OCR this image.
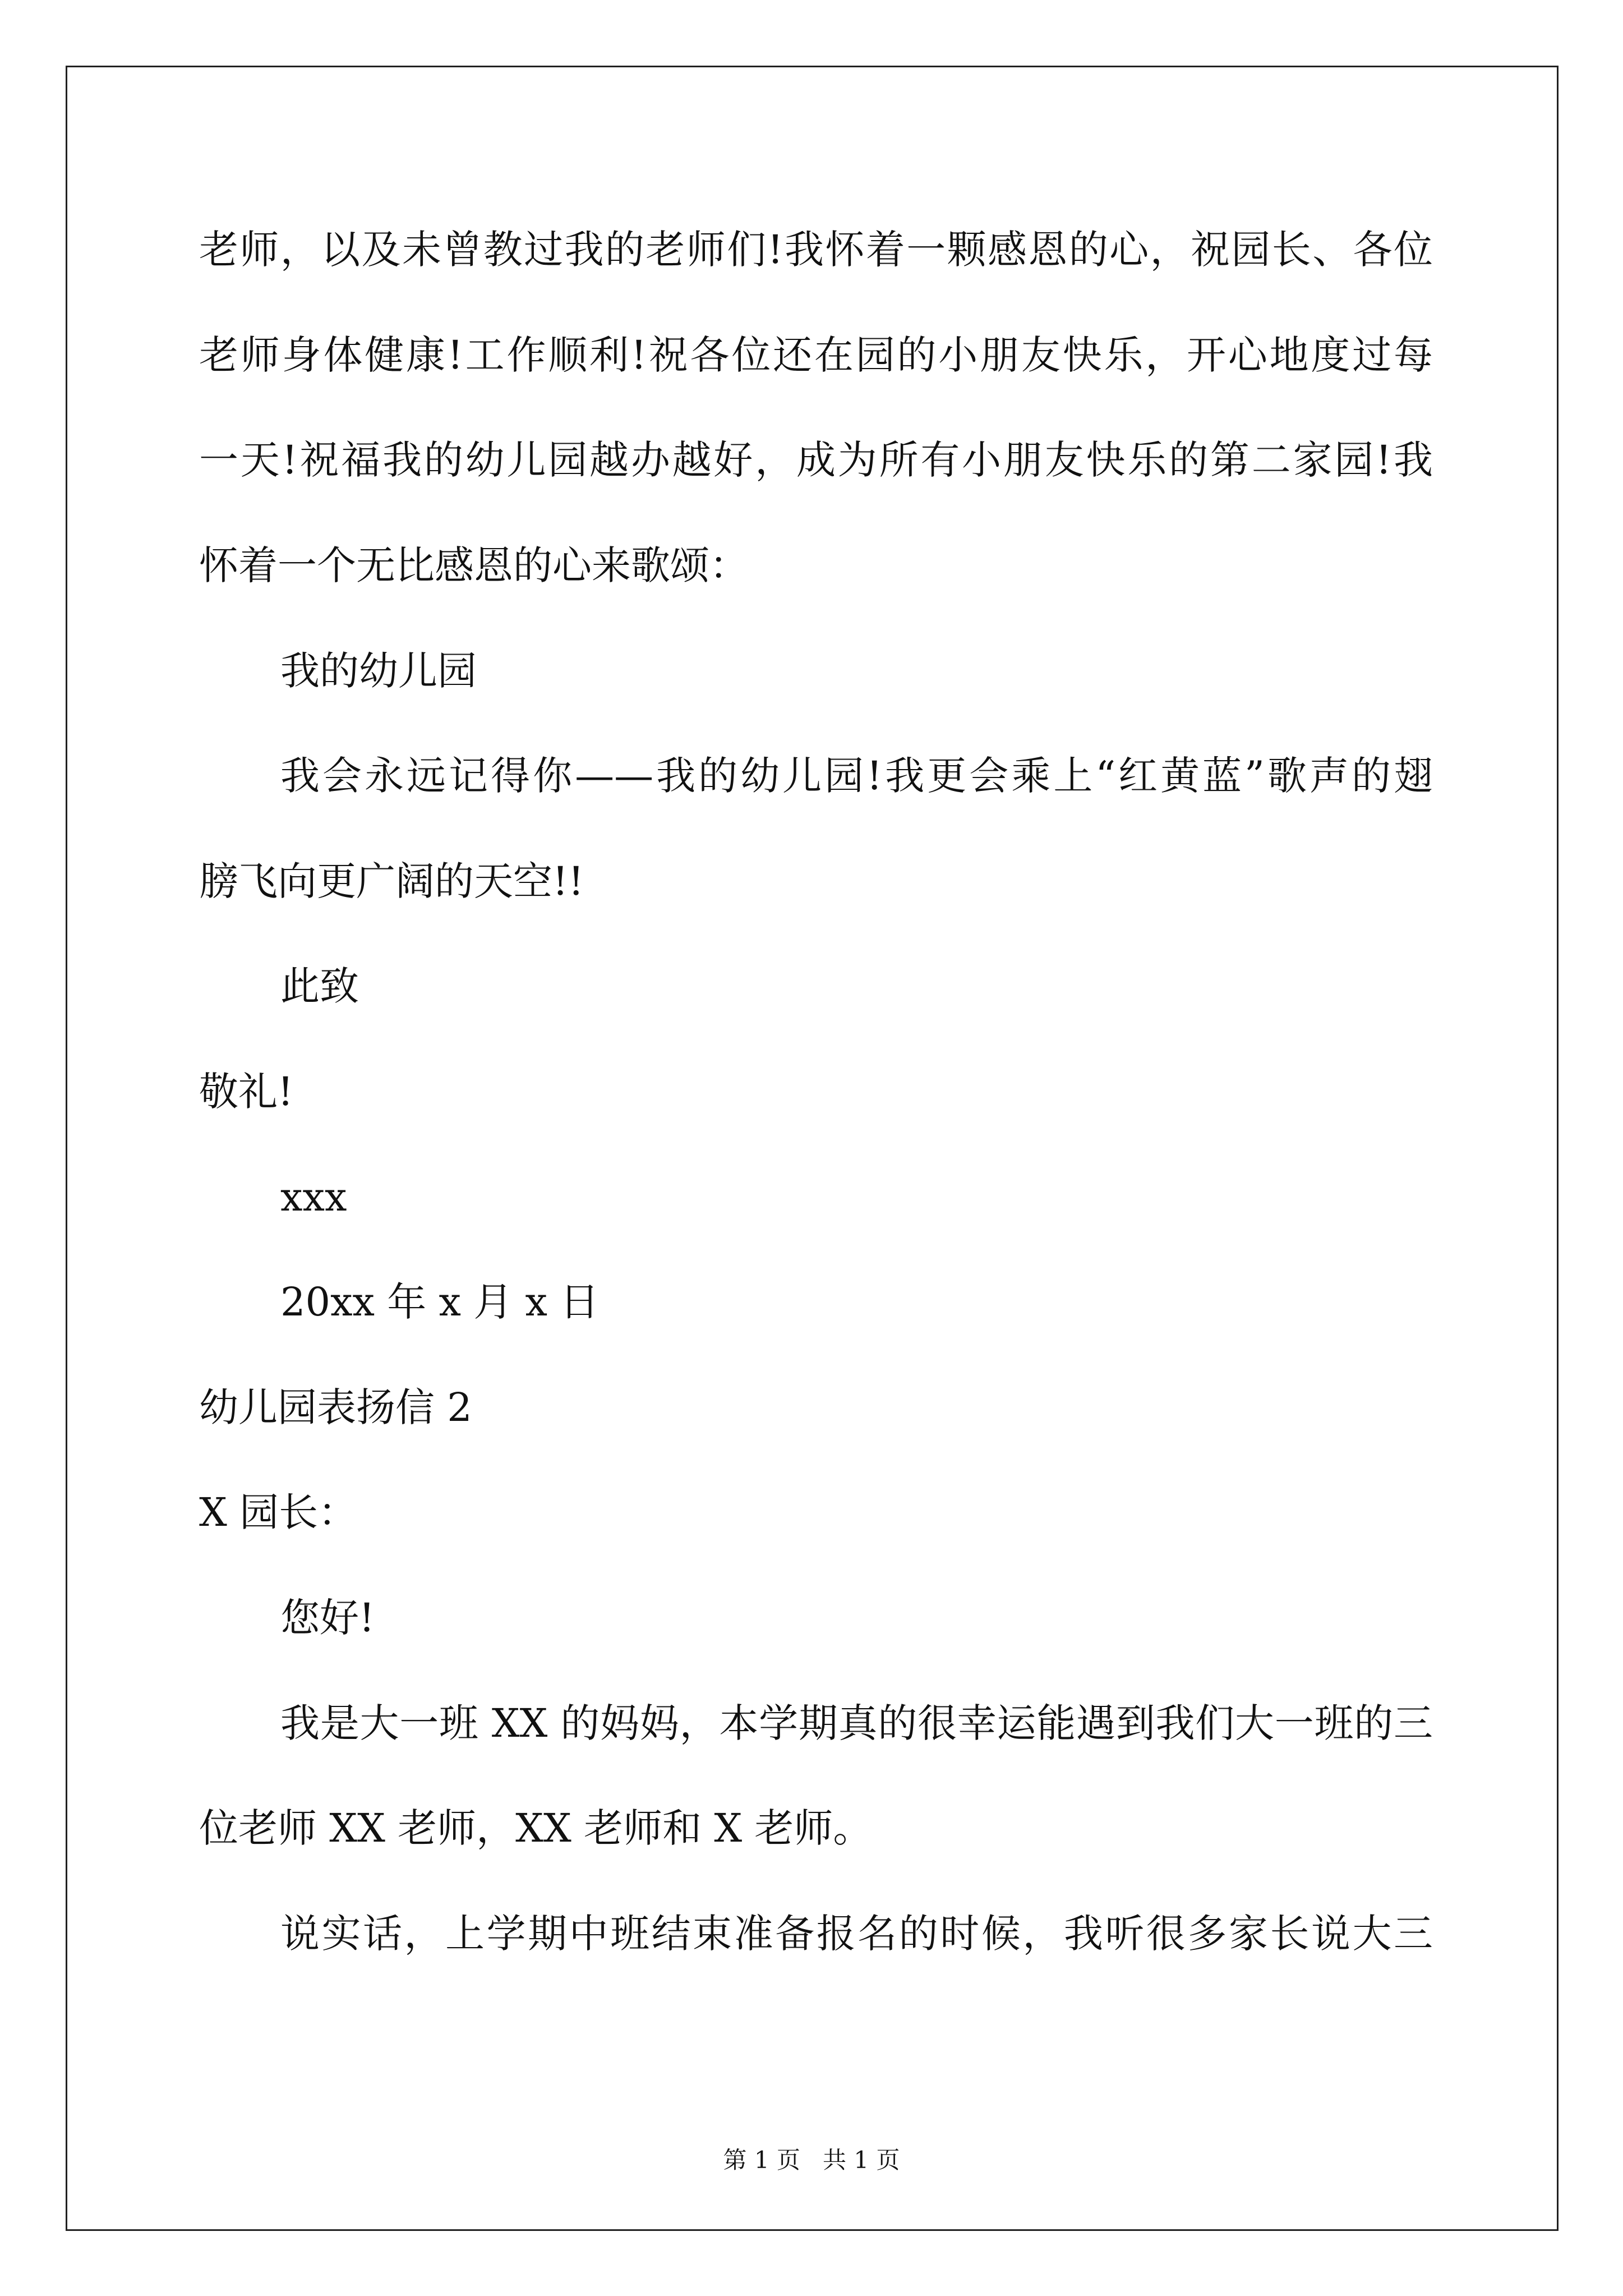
老师，以及未曾教过我的老师们!我怀着一颗感恩的心，祝园长、各位
老师身体健康!工作顺利!祝各位还在园的小朋友快乐，开心地度过每
一天!祝福我的幼儿园越办越好，成为所有小朋友快乐的第二家园!我
怀着一个无比感恩的心来歌颂：
我的幼儿园
我会永远记得你——我的幼儿园!我更会乘上“红黄蓝”歌声的翅
膀飞向更广阔的天空!!
此致
敬礼!
xxx
20xx 年 x 月 x 日
幼儿园表扬信 2
X 园长：
您好!
我是大一班 XX 的妈妈，本学期真的很幸运能遇到我们大一班的三
位老师 XX 老师，XX 老师和 X 老师。
说实话，上学期中班结束准备报名的时候，我听很多家长说大三
第 1 页   共 1 页
